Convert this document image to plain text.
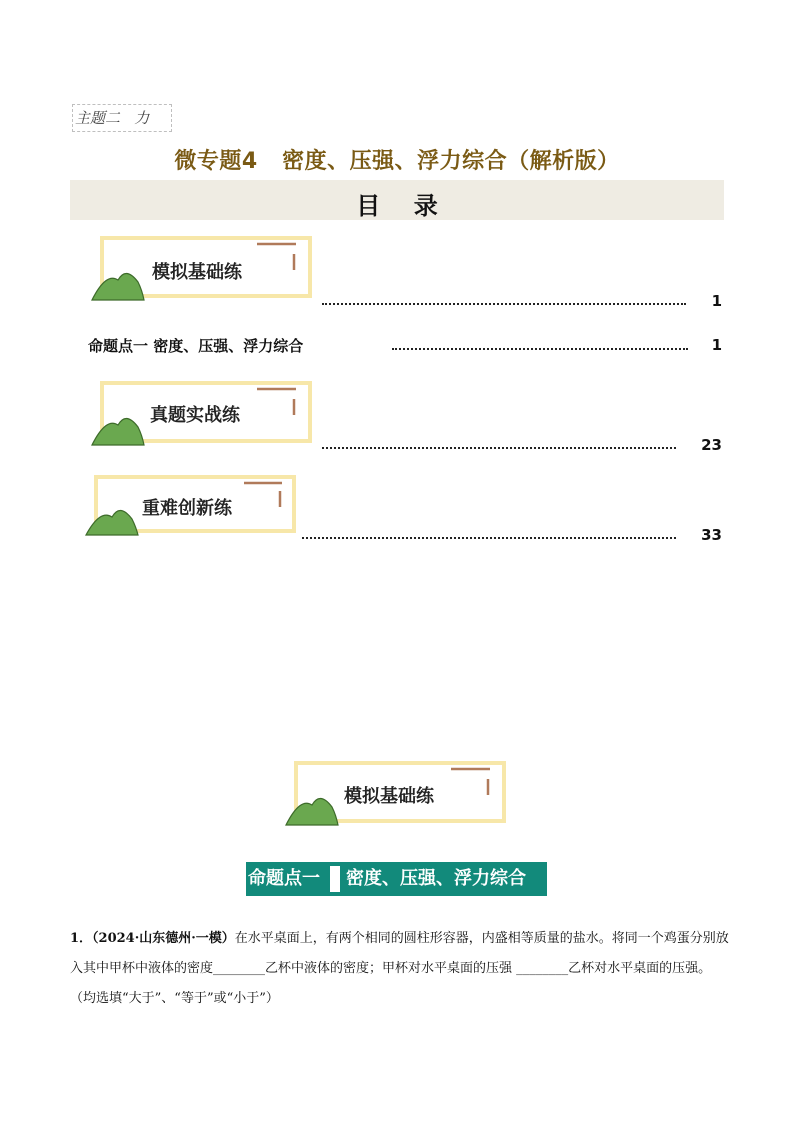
主题二   力
微专题4   密度、压强、浮力综合（解析版）
目    录
模拟基础练
1
命题点一 密度、压强、浮力综合	1
真题实战练
23
重难创新练
33
模拟基础练
命题点一 密度、压强、浮力综合
1．（2024·山东德州·一模）在水平桌面上，有两个相同的圆柱形容器，内盛相等质量的盐水。将同一个鸡蛋分别放入其中甲杯中液体的密度________乙杯中液体的密度；甲杯对水平桌面的压强 ________乙杯对水平桌面的压强。（均选填“大于”、“等于”或“小于”）
